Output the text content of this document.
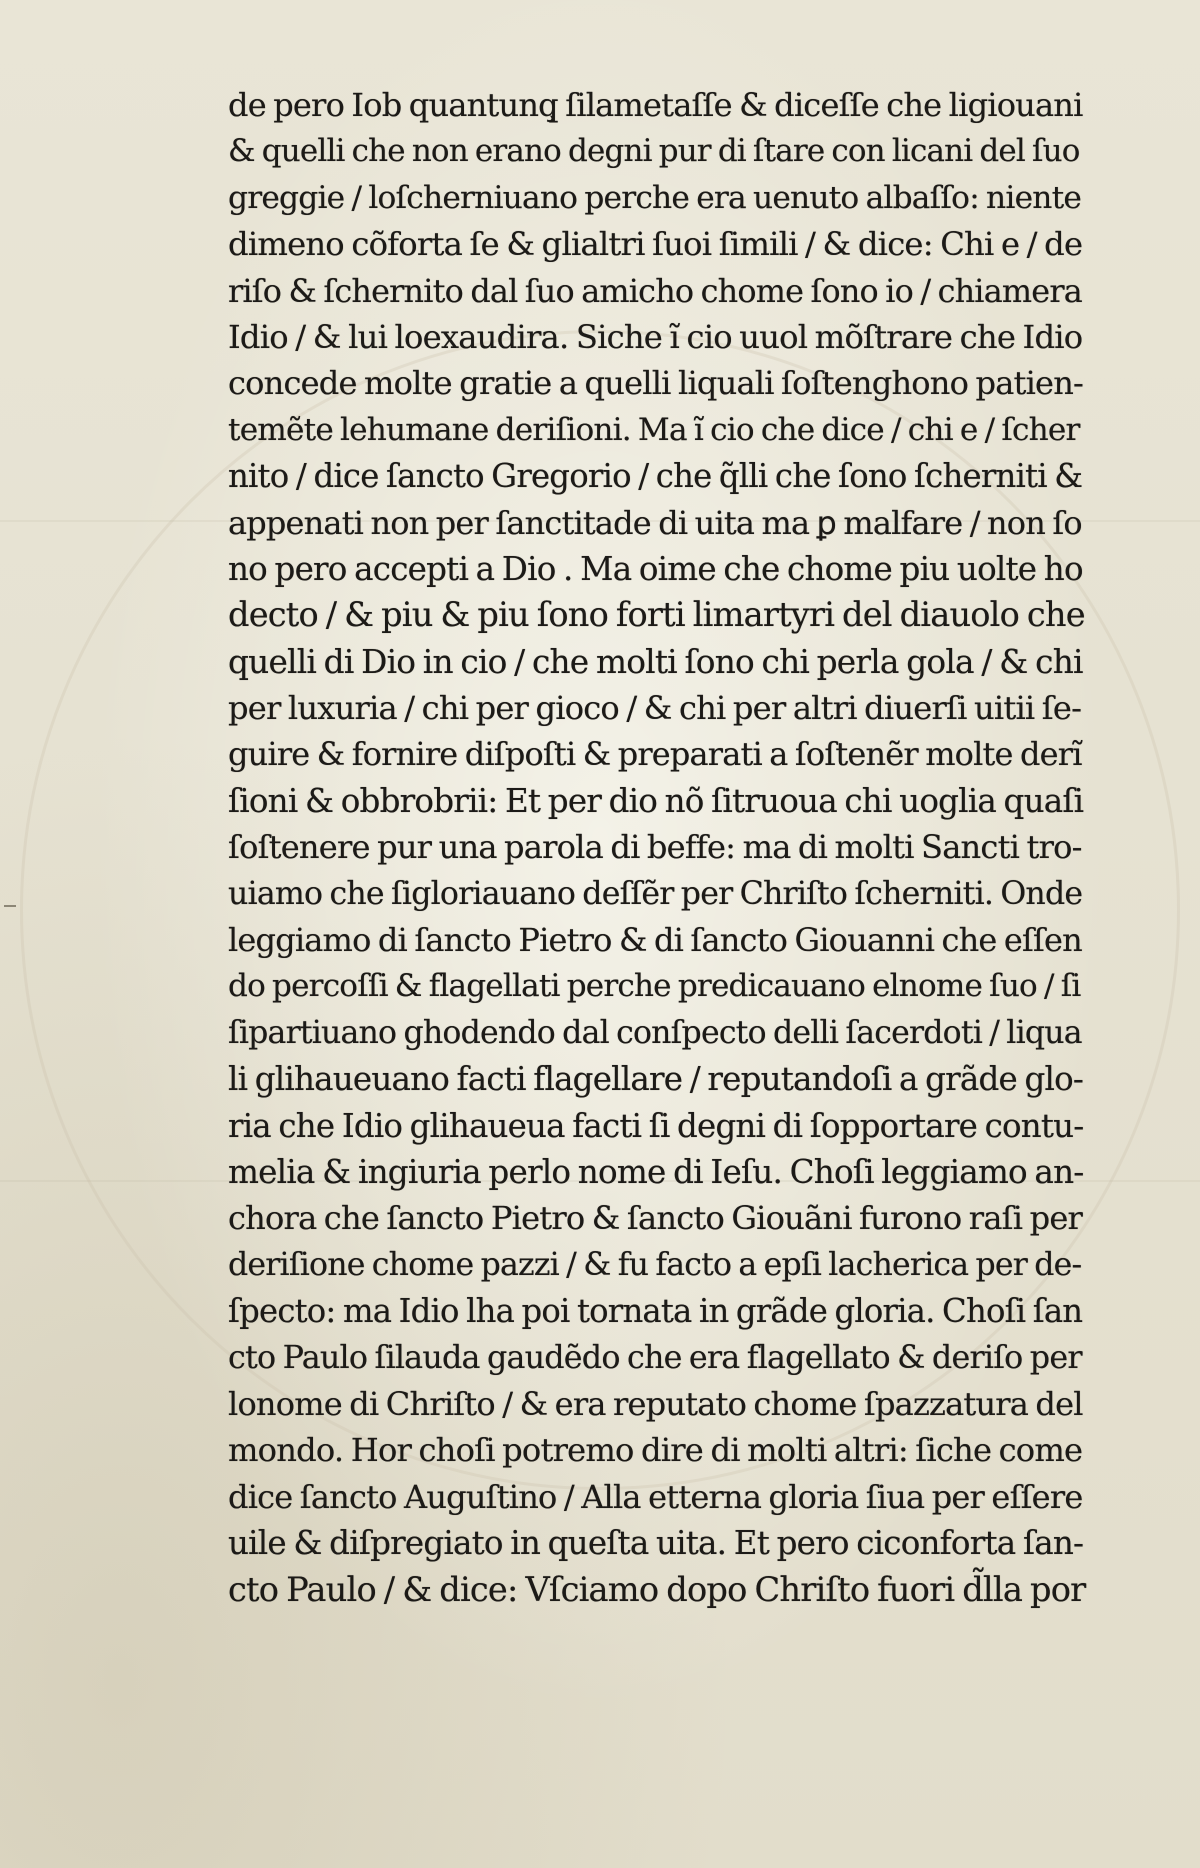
de pero Iob quantunq̧ ſilametaſſe & diceſſe che ligiouani
& quelli che non erano degni pur di ſtare con licani del ſuo
greggie / loſcherniuano perche era uenuto albaſſo: niente
dimeno cõforta ſe & glialtri ſuoi ſimili / & dice: Chi e / de
riſo & ſchernito dal ſuo amicho chome ſono io / chiamera
Idio / & lui loexaudira. Siche ĩ cio uuol mõſtrare che Idio
concede molte gratie a quelli liquali ſoſtenghono patien-
temẽte lehumane deriſioni. Ma ĩ cio che dice / chi e / ſcher
nito / dice ſancto Gregorio / che q̃lli che ſono ſcherniti &
appenati non per ſanctitade di uita ma ꝑ malfare / non ſo
no pero accepti a Dio . Ma oime che chome piu uolte ho
decto / & piu & piu ſono forti limartyri del diauolo che
quelli di Dio in cio / che molti ſono chi perla gola / & chi
per luxuria / chi per gioco / & chi per altri diuerſi uitii ſe-
guire & fornire diſpoſti & preparati a ſoſtenẽr molte derĩ
ſioni & obbrobrii: Et per dio nõ ſitruoua chi uoglia quaſi
ſoſtenere pur una parola di beffe: ma di molti Sancti tro-
uiamo che ſigloriauano deſſẽr per Chriſto ſcherniti. Onde
leggiamo di ſancto Pietro & di ſancto Giouanni che eſſen
do percoſſi & flagellati perche predicauano elnome ſuo / ſi
ſipartiuano ghodendo dal conſpecto delli ſacerdoti / liqua
li glihaueuano facti flagellare / reputandoſi a grãde glo-
ria che Idio glihaueua facti ſi degni di ſopportare contu-
melia & ingiuria perlo nome di Ieſu. Choſi leggiamo an-
chora che ſancto Pietro & ſancto Giouãni furono raſi per
deriſione chome pazzi / & fu facto a epſi lacherica per de-
ſpecto: ma Idio lha poi tornata in grãde gloria. Choſi ſan
cto Paulo ſilauda gaudẽdo che era flagellato & deriſo per
lonome di Chriſto / & era reputato chome ſpazzatura del
mondo. Hor choſi potremo dire di molti altri: ſiche come
dice ſancto Auguſtino / Alla etterna gloria ſiua per eſſere
uile & diſpregiato in queſta uita. Et pero ciconforta ſan-
cto Paulo / & dice: Vſciamo dopo Chriſto fuori d̃lla por
